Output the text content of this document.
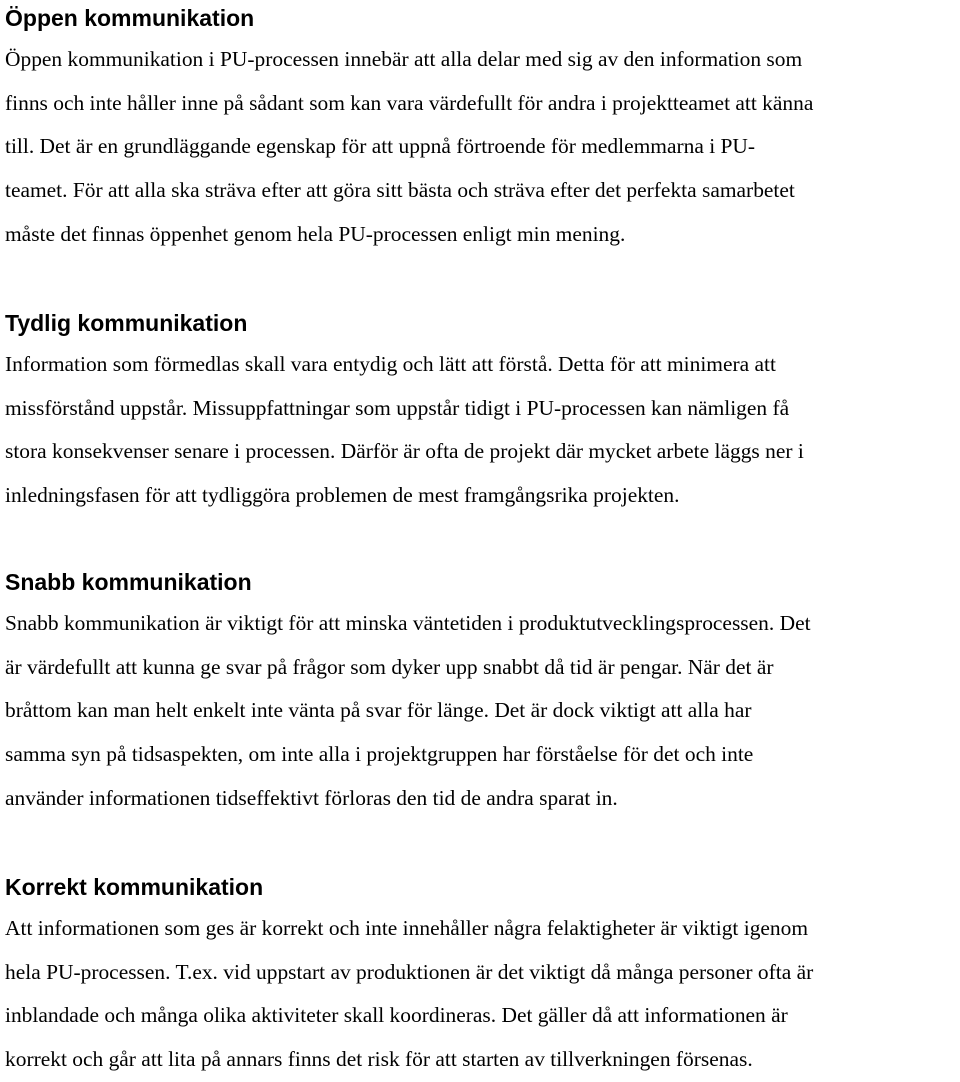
Öppen kommunikation
Öppen kommunikation i PU-processen innebär att alla delar med sig av den information som
finns och inte håller inne på sådant som kan vara värdefullt för andra i projektteamet att känna
till. Det är en grundläggande egenskap för att uppnå förtroende för medlemmarna i PU-
teamet. För att alla ska sträva efter att göra sitt bästa och sträva efter det perfekta samarbetet
måste det finnas öppenhet genom hela PU-processen enligt min mening.
Tydlig kommunikation
Information som förmedlas skall vara entydig och lätt att förstå. Detta för att minimera att
missförstånd uppstår. Missuppfattningar som uppstår tidigt i PU-processen kan nämligen få
stora konsekvenser senare i processen. Därför är ofta de projekt där mycket arbete läggs ner i
inledningsfasen för att tydliggöra problemen de mest framgångsrika projekten.
Snabb kommunikation
Snabb kommunikation är viktigt för att minska väntetiden i produktutvecklingsprocessen. Det
är värdefullt att kunna ge svar på frågor som dyker upp snabbt då tid är pengar. När det är
bråttom kan man helt enkelt inte vänta på svar för länge. Det är dock viktigt att alla har
samma syn på tidsaspekten, om inte alla i projektgruppen har förståelse för det och inte
använder informationen tidseffektivt förloras den tid de andra sparat in.
Korrekt kommunikation
Att informationen som ges är korrekt och inte innehåller några felaktigheter är viktigt igenom
hela PU-processen. T.ex. vid uppstart av produktionen är det viktigt då många personer ofta är
inblandade och många olika aktiviteter skall koordineras. Det gäller då att informationen är
korrekt och går att lita på annars finns det risk för att starten av tillverkningen försenas.
